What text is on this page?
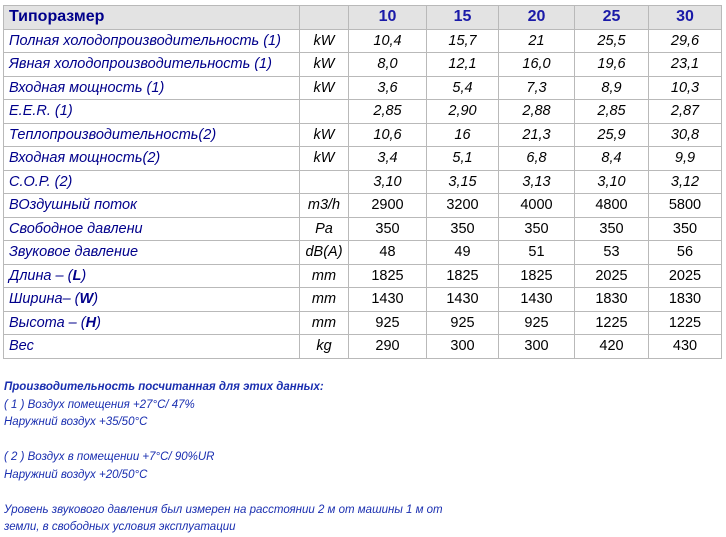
Типоразмер		10	15	20	25	30
Полная холодопроизводительность (1)	kW	10,4	15,7	21	25,5	29,6
Явная холодопроизводительность (1)	kW	8,0	12,1	16,0	19,6	23,1
Входная мощность (1)	kW	3,6	5,4	7,3	8,9	10,3
E.E.R. (1)		2,85	2,90	2,88	2,85	2,87
Теплопроизводительность(2)	kW	10,6	16	21,3	25,9	30,8
Входная мощность(2)	kW	3,4	5,1	6,8	8,4	9,9
C.O.P. (2)		3,10	3,15	3,13	3,10	3,12
ВОздушный поток	m3/h	2900	3200	4000	4800	5800
Свободное давлени	Pa	350	350	350	350	350
Звуковое давление	dB(A)	48	49	51	53	56
Длина – (L)	mm	1825	1825	1825	2025	2025
Ширина– (W)	mm	1430	1430	1430	1830	1830
Высота – (H)	mm	925	925	925	1225	1225
Вес	kg	290	300	300	420	430
Производительность посчитанная для этих данных:
( 1 ) Воздух помещения +27°С/ 47%
Наружний воздух +35/50°С
( 2 ) Воздух в помещении +7°С/ 90%UR
Наружний воздух +20/50°С
Уровень звукового давления был измерен на расстоянии 2 м от машины 1 м от
земли, в свободных условия эксплуатации
